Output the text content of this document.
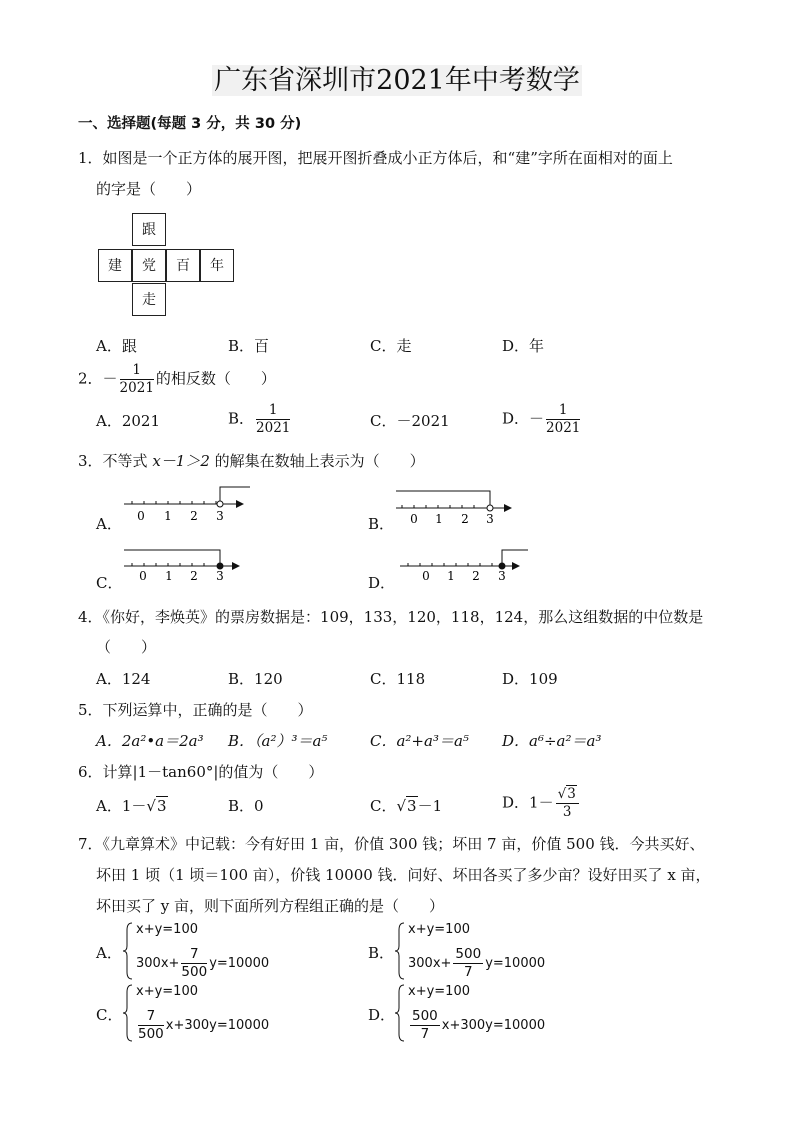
广东省深圳市2021年中考数学
一、选择题(每题 3 分，共 30 分)
1．如图是一个正方体的展开图，把展开图折叠成小正方体后，和“建”字所在面相对的面上
的字是（　　）
跟
建	党	百	年
走
A．跟	B．百	C．走	D．年
2．－ $\frac{1}{2021}$ 的相反数（　　）
A．2021	B． $\frac{1}{2021}$	C．－2021	D．－ $\frac{1}{2021}$
3．不等式 x－1＞2 的解集在数轴上表示为（　　）
A． 0 1 2 3	B． 0 1 2 3
C． 0 1 2 3	D． 0 1 2 3
4．《你好，李焕英》的票房数据是：109，133，120，118，124，那么这组数据的中位数是
（　　）
A．124	B．120	C．118	D．109
5．下列运算中，正确的是（　　）
A．2a²•a＝2a³ B．（a²）³＝a⁵	C．a²+a³＝a⁵ D．a⁶÷a²＝a³
6．计算|1－tan60°|的值为（　　）
A．1－√3	B．0	C．√3－1	D．$1- \frac{√3}{3}$
7．《九章算术》中记载：今有好田 1 亩，价值 300 钱；坏田 7 亩，价值 500 钱．今共买好、
坏田 1 顷（1 顷＝100 亩），价钱 10000 钱．问好、坏田各买了多少亩？设好田买了 x 亩，
坏田买了 y 亩，则下面所列方程组正确的是（　　）
A．
x+y=100
$300x+ \frac{7}{500} y=10000$
B．
x+y=100
$300x+ \frac{500}{7} y=10000$
C．
x+y=100
$\frac{7}{500} x+300y=10000$
D．
x+y=100
$\frac{500}{7} x+300y=10000$
